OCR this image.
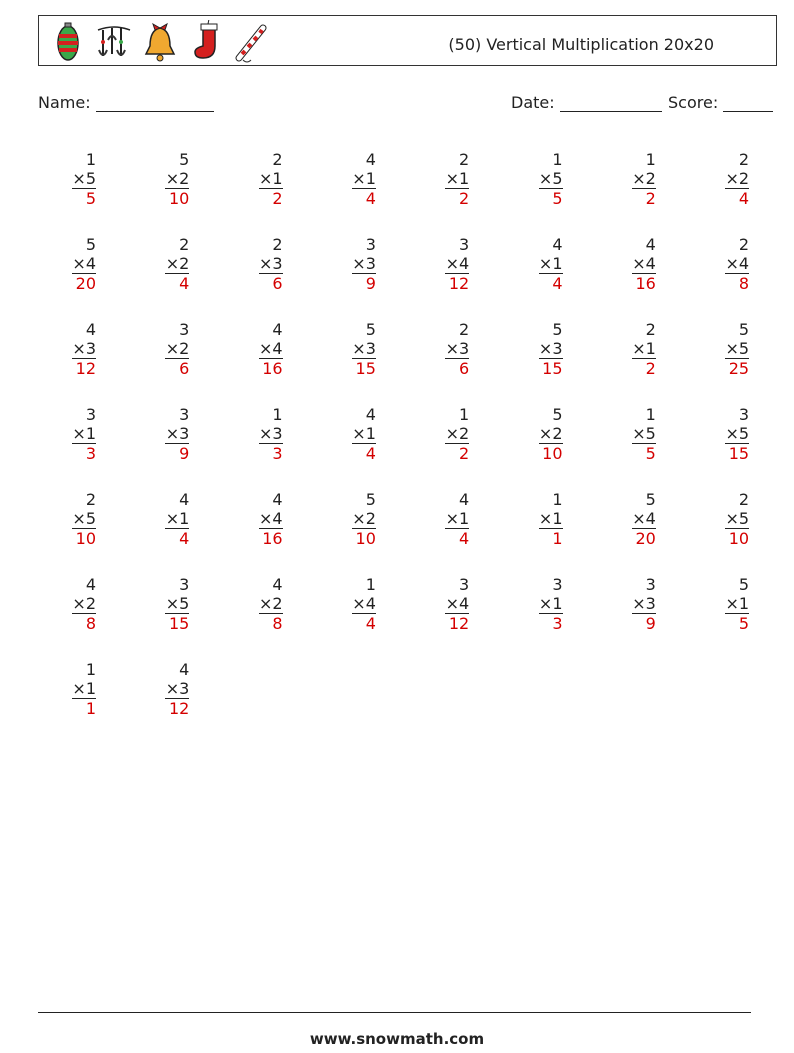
(50) Vertical Multiplication 20x20
Name:	Date:	Score:
1
×5
5
5
×2
10
2
×1
2
4
×1
4
2
×1
2
1
×5
5
1
×2
2
2
×2
4
5
×4
20
2
×2
4
2
×3
6
3
×3
9
3
×4
12
4
×1
4
4
×4
16
2
×4
8
4
×3
12
3
×2
6
4
×4
16
5
×3
15
2
×3
6
5
×3
15
2
×1
2
5
×5
25
3
×1
3
3
×3
9
1
×3
3
4
×1
4
1
×2
2
5
×2
10
1
×5
5
3
×5
15
2
×5
10
4
×1
4
4
×4
16
5
×2
10
4
×1
4
1
×1
1
5
×4
20
2
×5
10
4
×2
8
3
×5
15
4
×2
8
1
×4
4
3
×4
12
3
×1
3
3
×3
9
5
×1
5
1
×1
1
4
×3
12
www.snowmath.com
